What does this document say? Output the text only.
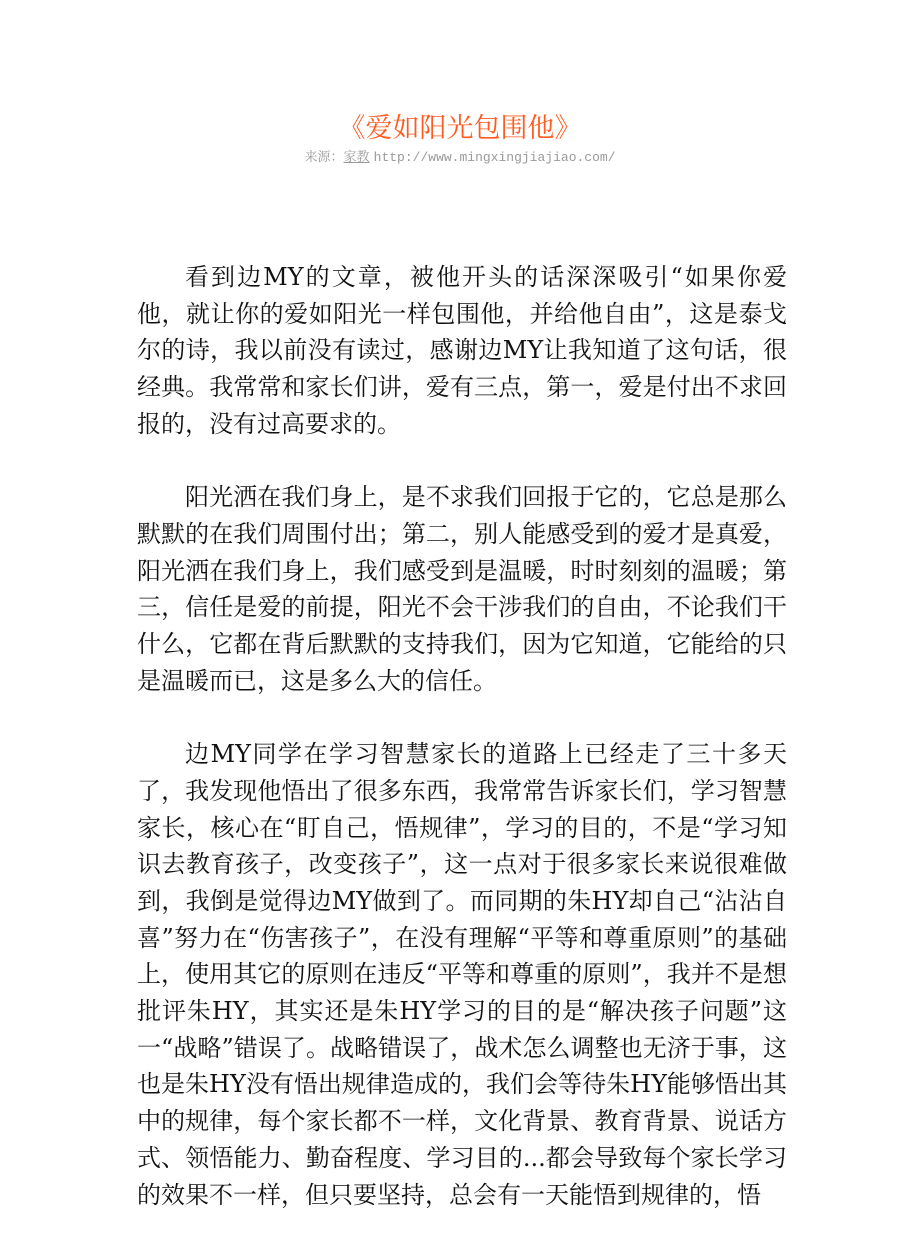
《爱如阳光包围他》
来源：家教 http://www.mingxingjiajiao.com/

看到边MY的文章，被他开头的话深深吸引“如果你爱他，就让你的爱如阳光一样包围他，并给他自由”，这是泰戈尔的诗，我以前没有读过，感谢边MY让我知道了这句话，很经典。我常常和家长们讲，爱有三点，第一，爱是付出不求回报的，没有过高要求的。

阳光洒在我们身上，是不求我们回报于它的，它总是那么默默的在我们周围付出；第二，别人能感受到的爱才是真爱，阳光洒在我们身上，我们感受到是温暖，时时刻刻的温暖；第三，信任是爱的前提，阳光不会干涉我们的自由，不论我们干什么，它都在背后默默的支持我们，因为它知道，它能给的只是温暖而已，这是多么大的信任。

边MY同学在学习智慧家长的道路上已经走了三十多天了，我发现他悟出了很多东西，我常常告诉家长们，学习智慧家长，核心在“盯自己，悟规律”，学习的目的，不是“学习知识去教育孩子，改变孩子”，这一点对于很多家长来说很难做到，我倒是觉得边MY做到了。而同期的朱HY却自己“沾沾自喜”努力在“伤害孩子”，在没有理解“平等和尊重原则”的基础上，使用其它的原则在违反“平等和尊重的原则”，我并不是想批评朱HY，其实还是朱HY学习的目的是“解决孩子问题”这一“战略”错误了。战略错误了，战术怎么调整也无济于事，这也是朱HY没有悟出规律造成的，我们会等待朱HY能够悟出其中的规律，每个家长都不一样，文化背景、教育背景、说话方式、领悟能力、勤奋程度、学习目的...都会导致每个家长学习的效果不一样，但只要坚持，总会有一天能悟到规律的，悟
